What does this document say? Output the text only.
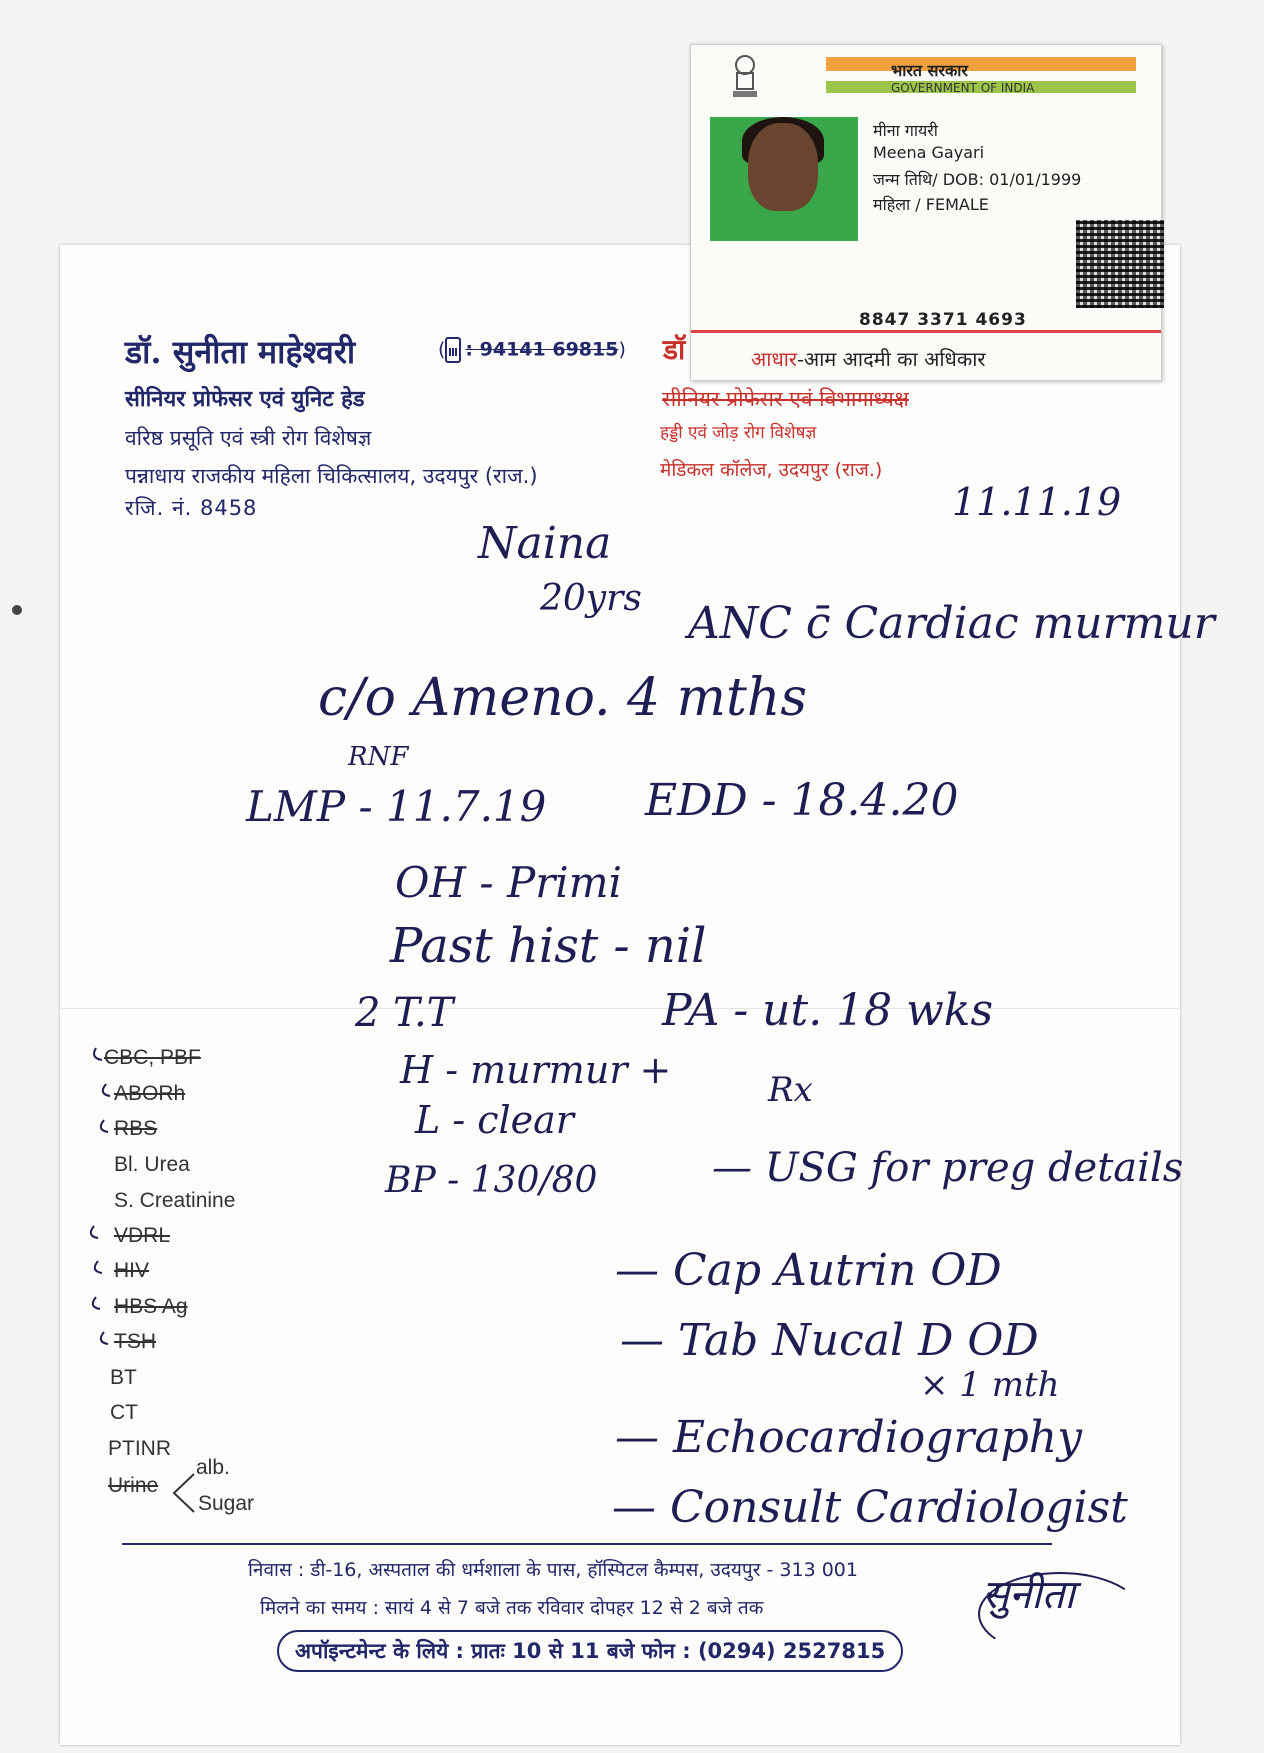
डॉ. सुनीता माहेश्वरी	( : 94141 69815)
सीनियर प्रोफेसर एवं युनिट हेड
वरिष्ठ प्रसूति एवं स्त्री रोग विशेषज्ञ
पन्नाधाय राजकीय महिला चिकित्सालय, उदयपुर (राज.)
रजि. नं. 8458
डॉ
सीनियर प्रोफेसर एवं विभागाध्यक्ष
हड्डी एवं जोड़ रोग विशेषज्ञ
मेडिकल कॉलेज, उदयपुर (राज.)
भारत सरकार
GOVERNMENT OF INDIA
मीना गायरी
Meena Gayari
जन्म तिथि/ DOB: 01/01/1999
महिला / FEMALE
8847 3371 4693
आधार-आम आदमी का अधिकार
11.11.19
Naina
20yrs ANC c̄ Cardiac murmur
c/o Ameno. 4 mths
RNF
LMP - 11.7.19 EDD - 18.4.20
OH - Primi
Past hist - nil
2 T.T	PA - ut. 18 wks
H - murmur +
L - clear
BP - 130/80
Rx
— USG for preg details
— Cap Autrin OD
— Tab Nucal D OD
× 1 mth
— Echocardiography
— Consult Cardiologist
CBC, PBF
ABORh
RBS
Bl. Urea
S. Creatinine
VDRL
HIV
HBS Ag
TSH
BT
CT
PTINR
Urine
alb.
Sugar
निवास : डी-16, अस्पताल की धर्मशाला के पास, हॉस्पिटल कैम्पस, उदयपुर - 313 001
मिलने का समय : सायं 4 से 7 बजे तक रविवार दोपहर 12 से 2 बजे तक
अपॉइन्टमेन्ट के लिये : प्रातः 10 से 11 बजे फोन : (0294) 2527815
सुनीता
